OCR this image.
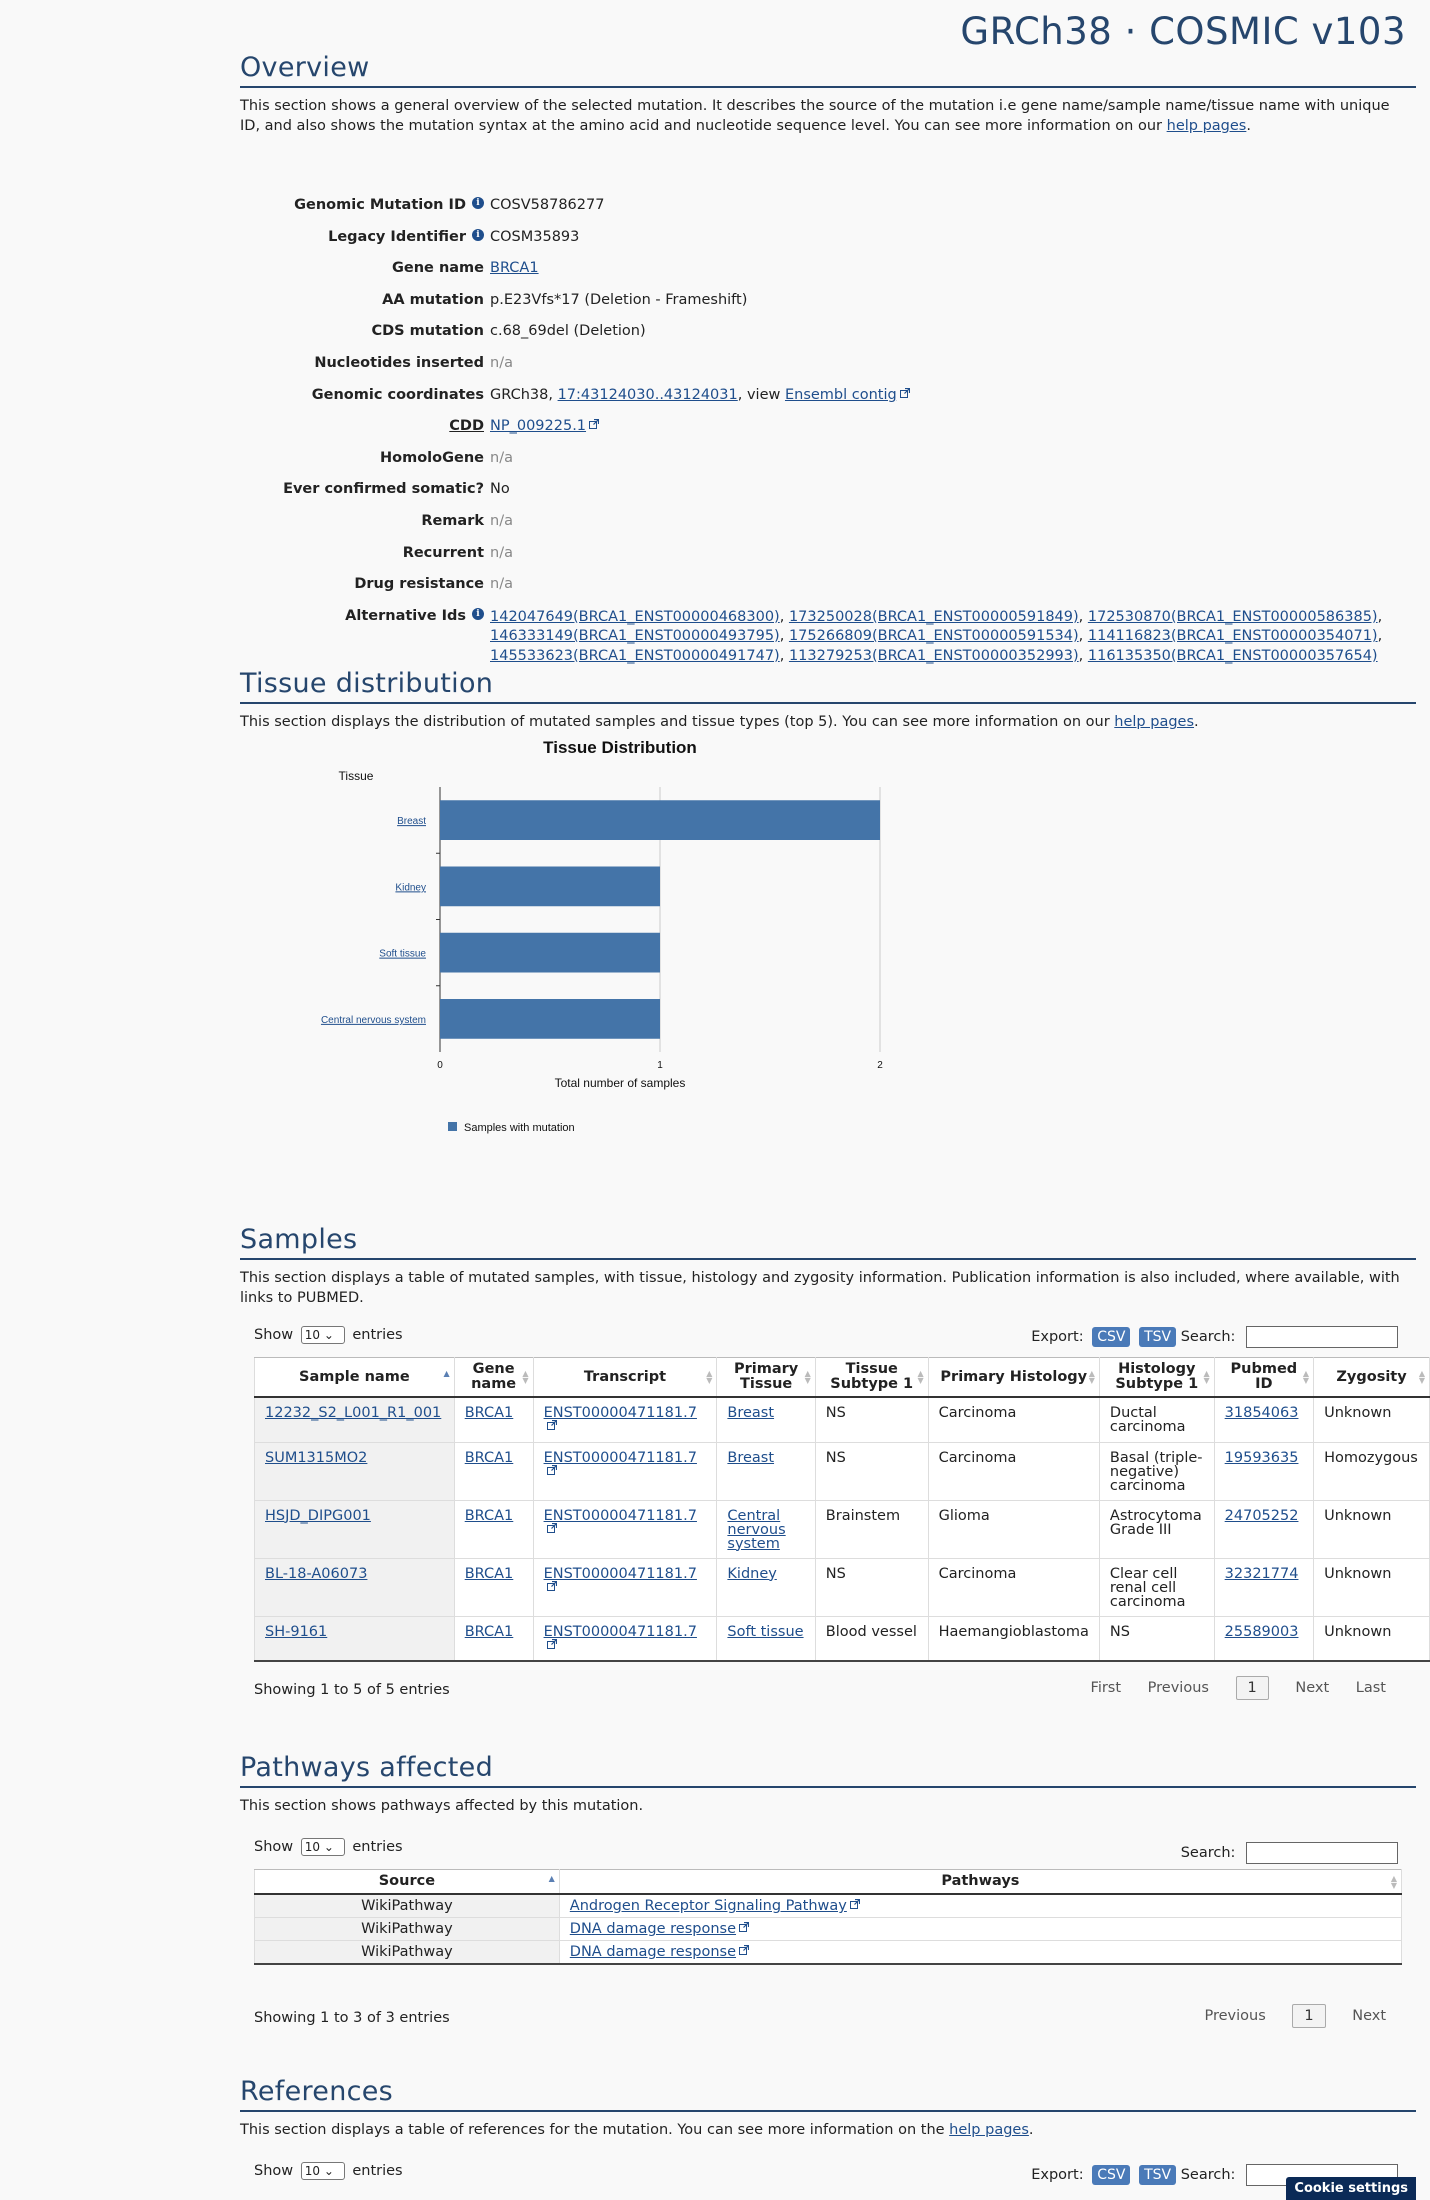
GRCh38 · COSMIC v103
Overview

This section shows a general overview of the selected mutation. It describes the source of the mutation i.e gene name/sample name/tissue name with unique ID, and also shows the mutation syntax at the amino acid and nucleotide sequence level. You can see more information on our help pages.

Genomic Mutation ID i COSV58786277
Legacy Identifier i COSM35893
Gene name BRCA1
AA mutation p.E23Vfs*17 (Deletion - Frameshift)
CDS mutation c.68_69del (Deletion)
Nucleotides inserted n/a
Genomic coordinates GRCh38, 17:43124030..43124031, view Ensembl contig
CDD NP_009225.1
HomoloGene n/a
Ever confirmed somatic? No
Remark n/a
Recurrent n/a
Drug resistance n/a
Alternative Ids i 142047649(BRCA1_ENST00000468300), 173250028(BRCA1_ENST00000591849), 172530870(BRCA1_ENST00000586385),
146333149(BRCA1_ENST00000493795), 175266809(BRCA1_ENST00000591534), 114116823(BRCA1_ENST00000354071),
145533623(BRCA1_ENST00000491747), 113279253(BRCA1_ENST00000352993), 116135350(BRCA1_ENST00000357654)
Tissue distribution

This section displays the distribution of mutated samples and tissue types (top 5). You can see more information on our help pages.

Tissue Distribution
Tissue
0	1	2
Breast
Kidney
Soft tissue
Central nervous system
Total number of samples
Samples with mutation
Samples

This section displays a table of mutated samples, with tissue, histology and zygosity information. Publication information is also included, where available, with links to PUBMED.

Show 10 ⌄ entries	Export: CSV TSV Search:
Sample name ▲	Gene name
▲
▼	Transcript ▲
▼	Primary Tissue
▲
▼	Tissue Subtype 1
▲
▼	Primary Histology ▲
▼	Histology Subtype 1
▲
▼	Pubmed ID
▲
▼	Zygosity ▲
▼

12232_S2_L001_R1_001	BRCA1	ENST00000471181.7	Breast	NS	Carcinoma	Ductal carcinoma	31854063	Unknown
SUM1315MO2	BRCA1	ENST00000471181.7	Breast	NS	Carcinoma	Basal (triple-negative) carcinoma	19593635	Homozygous
HSJD_DIPG001	BRCA1	ENST00000471181.7	Central nervous system	Brainstem	Glioma	Astrocytoma Grade III	24705252	Unknown
BL-18-A06073	BRCA1	ENST00000471181.7	Kidney	NS	Carcinoma	Clear cell renal cell carcinoma	32321774	Unknown
SH-9161	BRCA1	ENST00000471181.7	Soft tissue	Blood vessel	Haemangioblastoma	NS	25589003	Unknown
Showing 1 to 5 of 5 entries	First Previous	1	Next Last
Pathways affected

This section shows pathways affected by this mutation.

Show 10 ⌄ entries	Search:
Source ▲	Pathways ▲
▼

WikiPathway	Androgen Receptor Signaling Pathway
WikiPathway	DNA damage response
WikiPathway	DNA damage response
Showing 1 to 3 of 3 entries	Previous	1	Next
References

This section displays a table of references for the mutation. You can see more information on the help pages.

Show 10 ⌄ entries	Export: CSV TSV Search:
Cookie settings
